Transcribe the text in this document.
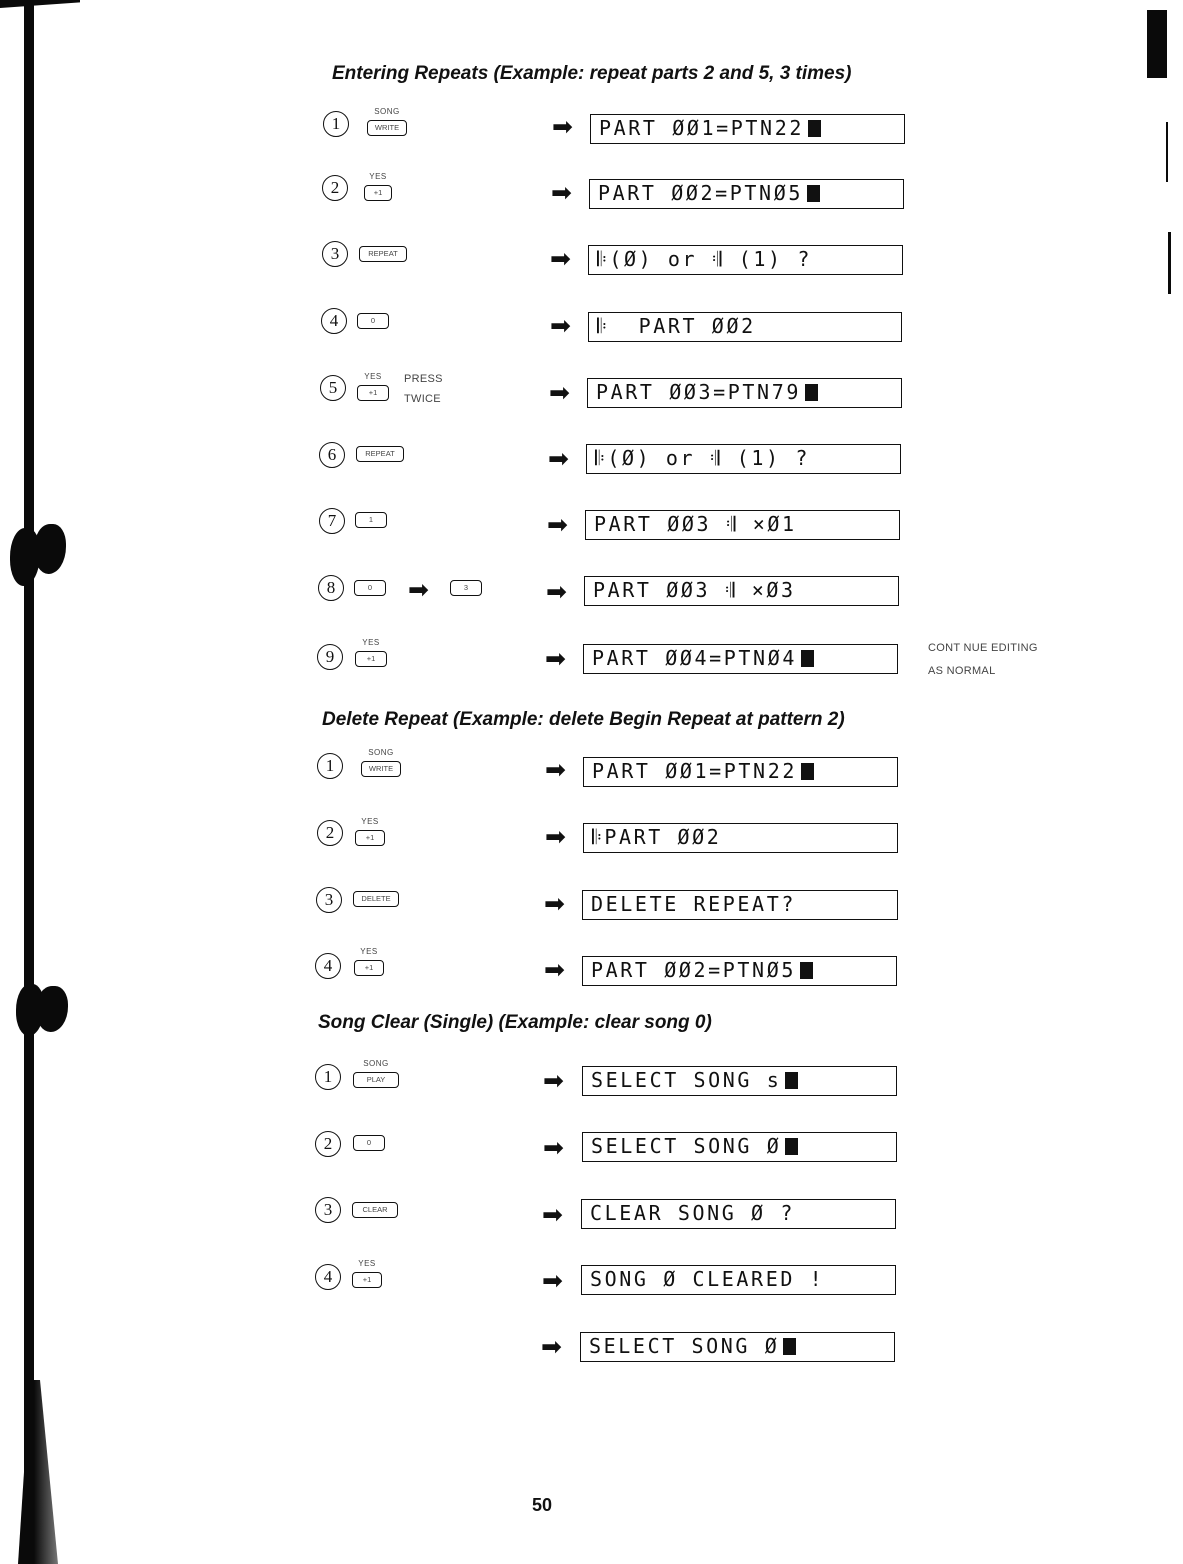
Entering Repeats (Example: repeat parts 2 and 5, 3 times)
1
SONG
WRITE	➡	PART ØØ1=PTN22
2
YES
+1	➡	PART ØØ2=PTNØ5
3	REPEAT	➡	𝄆(Ø) or 𝄇 (1) ?
4	0	➡	𝄆  PART ØØ2
5
YES
+1
PRESS
TWICE	➡	PART ØØ3=PTN79
6	REPEAT	➡	𝄆(Ø) or 𝄇 (1) ?
7	1	➡	PART ØØ3 𝄇 ×Ø1
8	0	➡	3	➡	PART ØØ3 𝄇 ×Ø3
9
YES
+1	➡	PART ØØ4=PTNØ4	CONT NUE EDITING
AS NORMAL
Delete Repeat (Example: delete Begin Repeat at pattern 2)
1
SONG
WRITE	➡	PART ØØ1=PTN22
2
YES
+1	➡	𝄆PART ØØ2
3	DELETE	➡	DELETE REPEAT?
4
YES
+1	➡	PART ØØ2=PTNØ5
Song Clear (Single) (Example: clear song 0)
1
SONG
PLAY	➡	SELECT SONG s
2	0	➡	SELECT SONG Ø
3	CLEAR	➡	CLEAR SONG Ø ?
4
YES
+1	➡	SONG Ø CLEARED !
➡	SELECT SONG Ø
50
